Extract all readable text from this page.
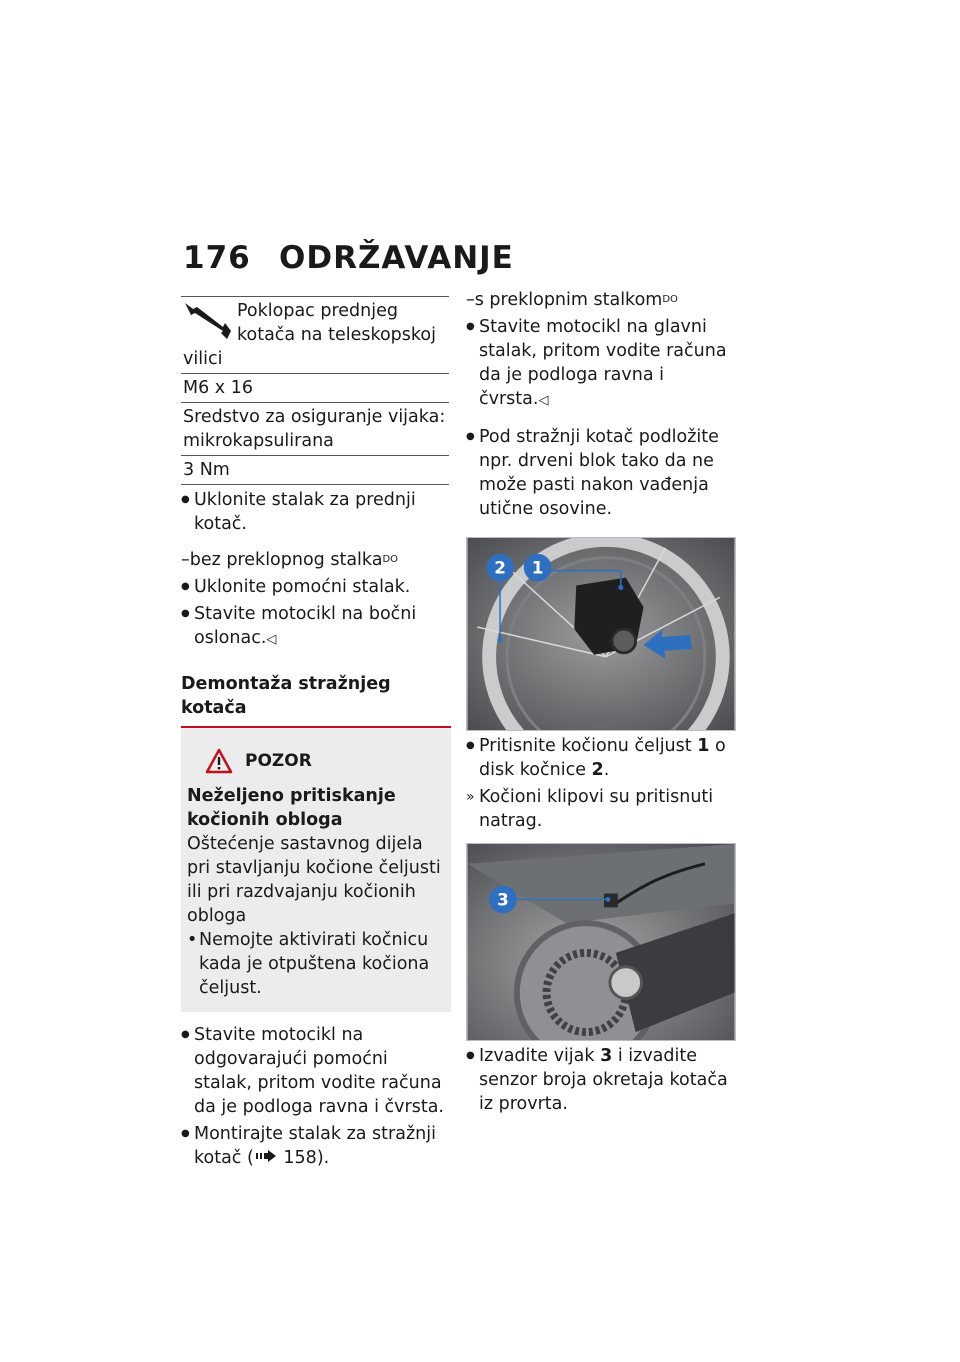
176 ODRŽAVANJE
Poklopac prednjeg kotača na teleskopskoj vilici
M6 x 16
Sredstvo za osiguranje vijaka: mikrokapsulirana
3 Nm
● Uklonite stalak za prednji kotač.
–bez preklopnog stalka$^{DO}$
● Uklonite pomoćni stalak.
● Stavite motocikl na bočni oslonac.◁
Demontaža stražnjeg kotača
POZOR
Neželjeno pritiskanje kočionih obloga
Oštećenje sastavnog dijela pri stavljanju kočione čeljusti ili pri razdvajanju kočionih obloga
• Nemojte aktivirati kočnicu kada je otpuštena kočiona čeljust.
● Stavite motocikl na odgovarajući pomoćni stalak, pritom vodite računa da je podloga ravna i čvrsta.
● Montirajte stalak za stražnji kotač ( 158).
–s preklopnim stalkom$^{DO}$
● Stavite motocikl na glavni stalak, pritom vodite računa da je podloga ravna i čvrsta.◁
● Pod stražnji kotač podložite npr. drveni blok tako da ne može pasti nakon vađenja utične osovine.
2 1
● Pritisnite kočionu čeljust 1 o disk kočnice 2.
» Kočioni klipovi su pritisnuti natrag.
3
● Izvadite vijak 3 i izvadite senzor broja okretaja kotača iz provrta.
